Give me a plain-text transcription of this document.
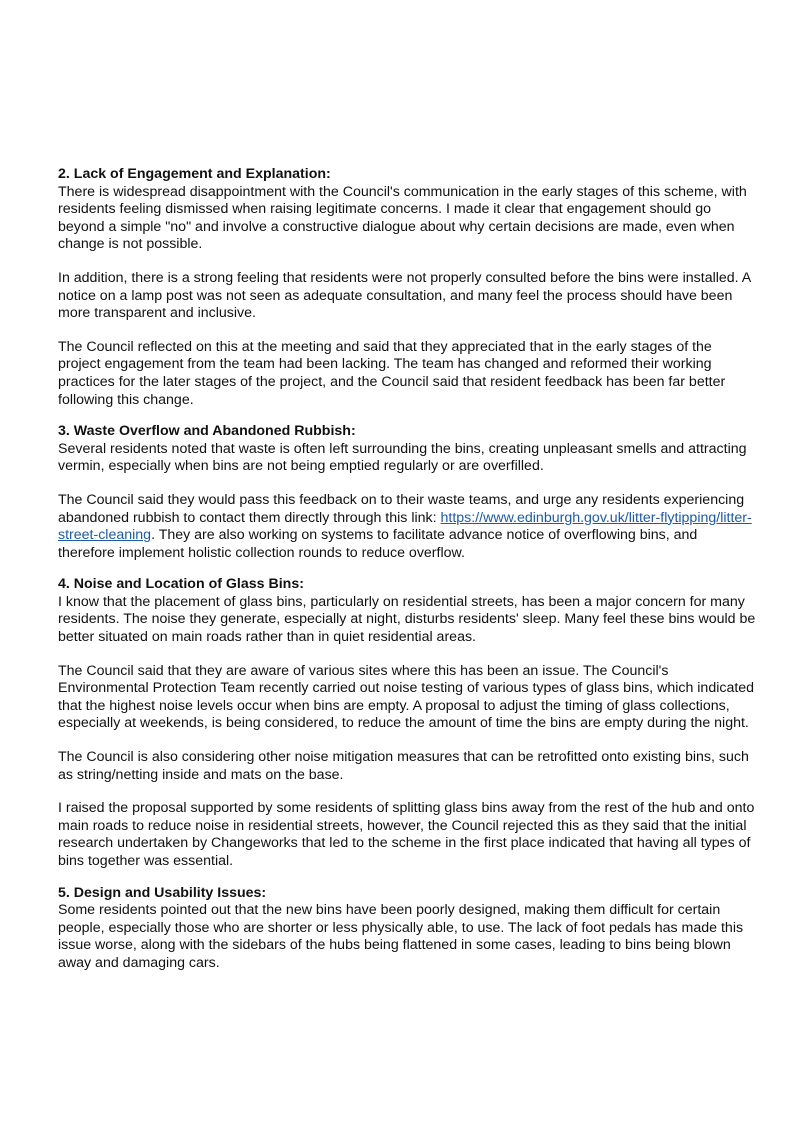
2. Lack of Engagement and Explanation:

There is widespread disappointment with the Council's communication in the early stages of this scheme, with residents feeling dismissed when raising legitimate concerns. I made it clear that engagement should go beyond a simple "no" and involve a constructive dialogue about why certain decisions are made, even when change is not possible.

In addition, there is a strong feeling that residents were not properly consulted before the bins were installed. A notice on a lamp post was not seen as adequate consultation, and many feel the process should have been more transparent and inclusive.

The Council reflected on this at the meeting and said that they appreciated that in the early stages of the project engagement from the team had been lacking. The team has changed and reformed their working practices for the later stages of the project, and the Council said that resident feedback has been far better following this change.

3. Waste Overflow and Abandoned Rubbish:

Several residents noted that waste is often left surrounding the bins, creating unpleasant smells and attracting vermin, especially when bins are not being emptied regularly or are overfilled.

The Council said they would pass this feedback on to their waste teams, and urge any residents experiencing abandoned rubbish to contact them directly through this link: https://www.edinburgh.gov.uk/litter-flytipping/litter-street-cleaning. They are also working on systems to facilitate advance notice of overflowing bins, and therefore implement holistic collection rounds to reduce overflow.

4. Noise and Location of Glass Bins:

I know that the placement of glass bins, particularly on residential streets, has been a major concern for many residents. The noise they generate, especially at night, disturbs residents' sleep. Many feel these bins would be better situated on main roads rather than in quiet residential areas.

The Council said that they are aware of various sites where this has been an issue. The Council's Environmental Protection Team recently carried out noise testing of various types of glass bins, which indicated that the highest noise levels occur when bins are empty. A proposal to adjust the timing of glass collections, especially at weekends, is being considered, to reduce the amount of time the bins are empty during the night.

The Council is also considering other noise mitigation measures that can be retrofitted onto existing bins, such as string/netting inside and mats on the base.

I raised the proposal supported by some residents of splitting glass bins away from the rest of the hub and onto main roads to reduce noise in residential streets, however, the Council rejected this as they said that the initial research undertaken by Changeworks that led to the scheme in the first place indicated that having all types of bins together was essential.

5. Design and Usability Issues:

Some residents pointed out that the new bins have been poorly designed, making them difficult for certain people, especially those who are shorter or less physically able, to use. The lack of foot pedals has made this issue worse, along with the sidebars of the hubs being flattened in some cases, leading to bins being blown away and damaging cars.
